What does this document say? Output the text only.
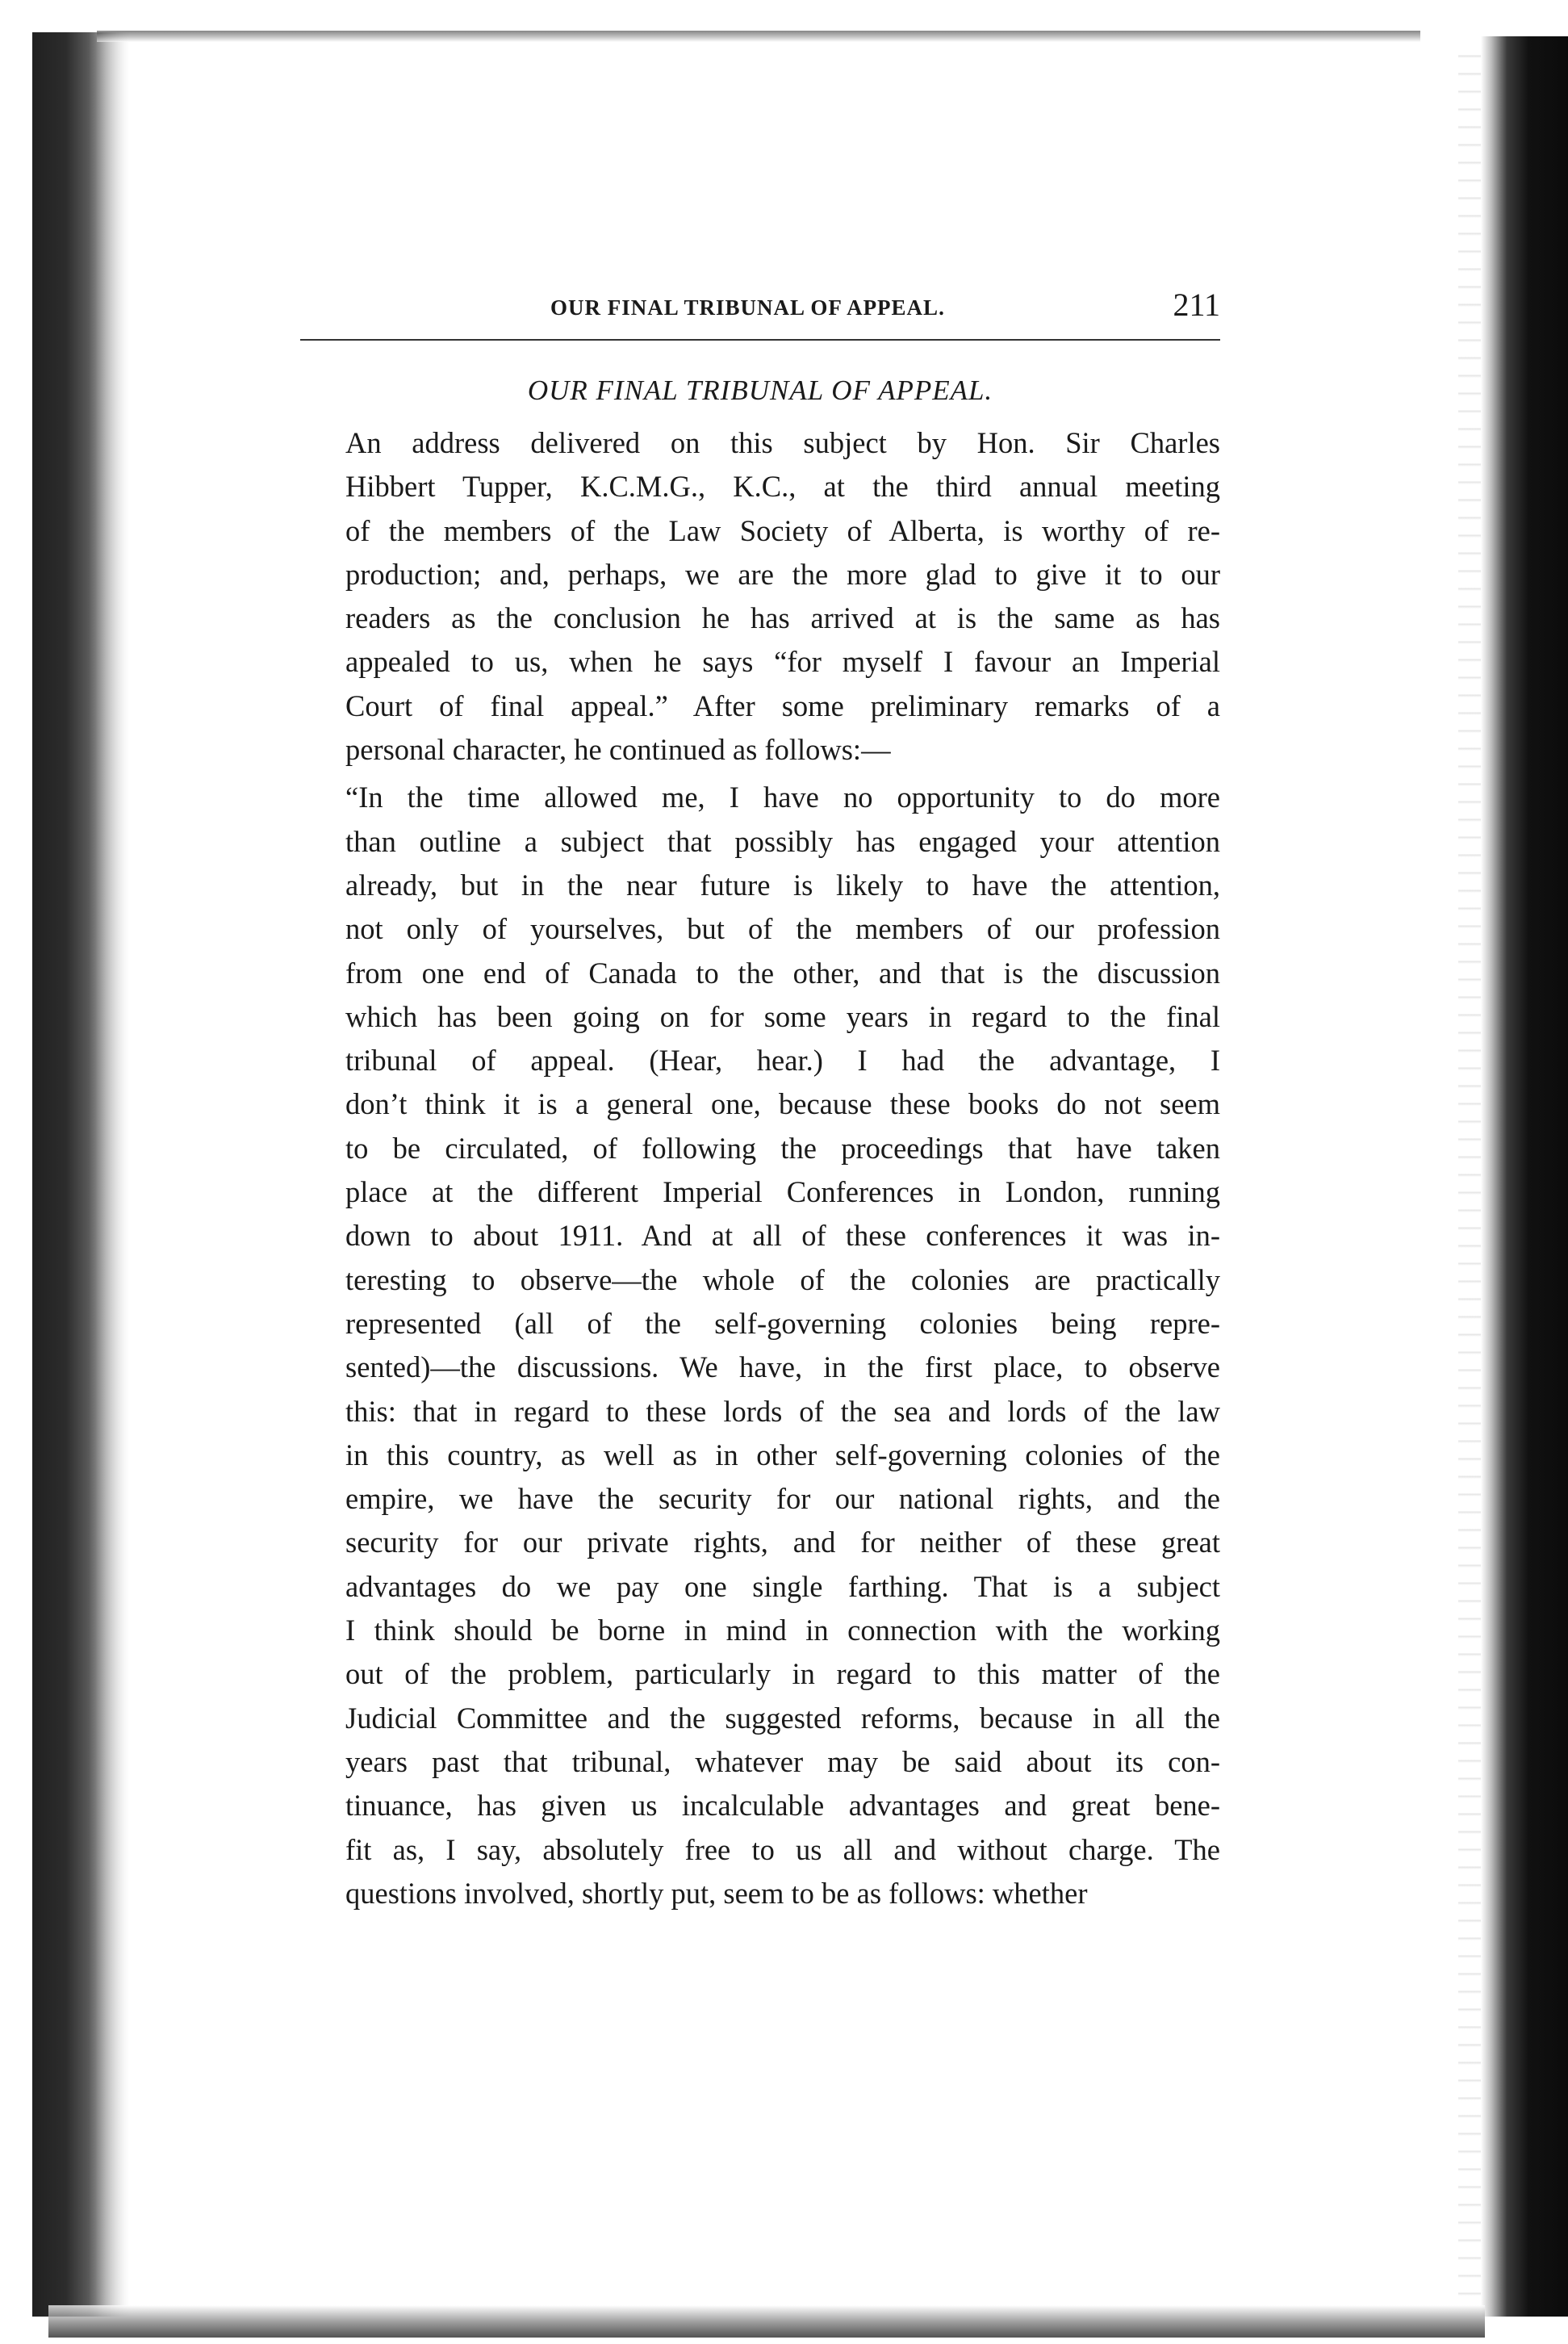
OUR FINAL TRIBUNAL OF APPEAL.	211
OUR FINAL TRIBUNAL OF APPEAL.

An address delivered on this subject by Hon. Sir Charles
Hibbert Tupper, K.C.M.G., K.C., at the third annual meeting
of the members of the Law Society of Alberta, is worthy of re-
production; and, perhaps, we are the more glad to give it to our
readers as the conclusion he has arrived at is the same as has
appealed to us, when he says “for myself I favour an Imperial
Court of final appeal.” After some preliminary remarks of a
personal character, he continued as follows:—

“In the time allowed me, I have no opportunity to do more
than outline a subject that possibly has engaged your attention
already, but in the near future is likely to have the attention,
not only of yourselves, but of the members of our profession
from one end of Canada to the other, and that is the discussion
which has been going on for some years in regard to the final
tribunal of appeal. (Hear, hear.) I had the advantage, I
don’t think it is a general one, because these books do not seem
to be circulated, of following the proceedings that have taken
place at the different Imperial Conferences in London, running
down to about 1911. And at all of these conferences it was in-
teresting to observe—the whole of the colonies are practically
represented (all of the self-governing colonies being repre-
sented)—the discussions. We have, in the first place, to observe
this: that in regard to these lords of the sea and lords of the law
in this country, as well as in other self-governing colonies of the
empire, we have the security for our national rights, and the
security for our private rights, and for neither of these great
advantages do we pay one single farthing. That is a subject
I think should be borne in mind in connection with the working
out of the problem, particularly in regard to this matter of the
Judicial Committee and the suggested reforms, because in all the
years past that tribunal, whatever may be said about its con-
tinuance, has given us incalculable advantages and great bene-
fit as, I say, absolutely free to us all and without charge. The
questions involved, shortly put, seem to be as follows: whether
